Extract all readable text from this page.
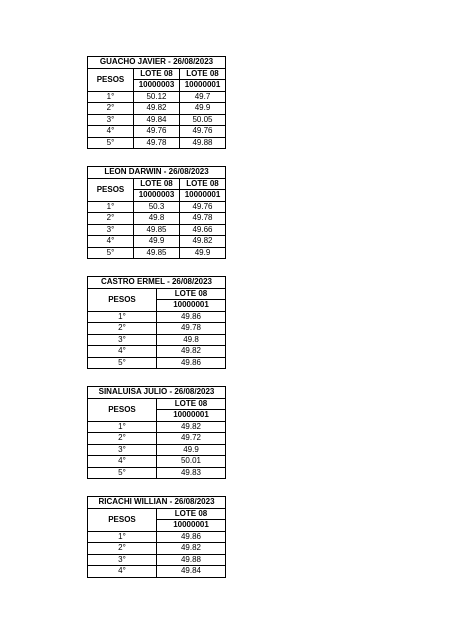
GUACHO JAVIER - 26/08/2023		
PESOS	LOTE 08	LOTE 08
	10000003	10000001
1°	50.12	49.7
2°	49.82	49.9
3°	49.84	50.05
4°	49.76	49.76
5°	49.78	49.88
LEON DARWIN - 26/08/2023		
PESOS	LOTE 08	LOTE 08
	10000003	10000001
1°	50.3	49.76
2°	49.8	49.78
3°	49.85	49.66
4°	49.9	49.82
5°	49.85	49.9
CASTRO ERMEL - 26/08/2023	
PESOS	LOTE 08
	10000001
1°	49.86
2°	49.78
3°	49.8
4°	49.82
5°	49.86
SINALUISA JULIO - 26/08/2023	
PESOS	LOTE 08
	10000001
1°	49.82
2°	49.72
3°	49.9
4°	50.01
5°	49.83
RICACHI WILLIAN - 26/08/2023	
PESOS	LOTE 08
	10000001
1°	49.86
2°	49.82
3°	49.88
4°	49.84
